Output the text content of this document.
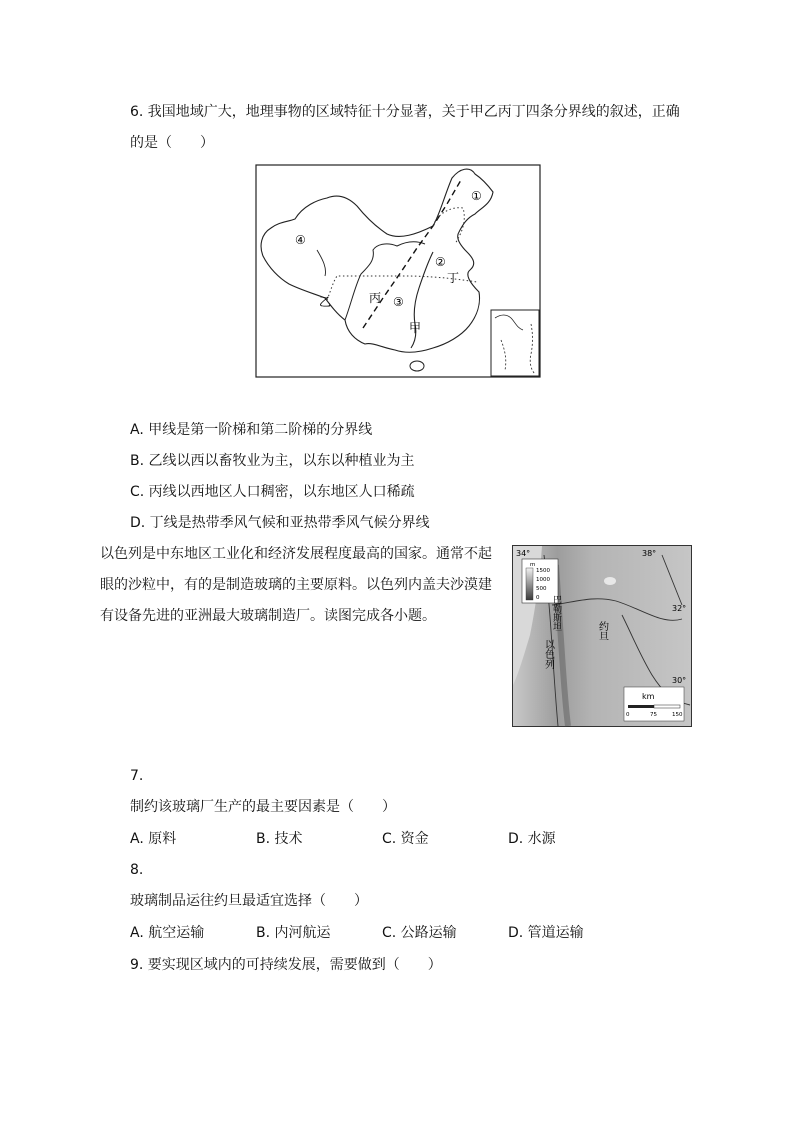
6. 我国地域广大，地理事物的区域特征十分显著，关于甲乙丙丁四条分界线的叙述，正确
的是（　　）
①
②
③
④
甲
乙	丙
丁
A. 甲线是第一阶梯和第二阶梯的分界线
B. 乙线以西以畜牧业为主，以东以种植业为主
C. 丙线以西地区人口稠密，以东地区人口稀疏
D. 丁线是热带季风气候和亚热带季风气候分界线
以色列是中东地区工业化和经济发展程度最高的国家。通常不起
眼的沙粒中，有的是制造玻璃的主要原料。以色列内盖夫沙漠建
有设备先进的亚洲最大玻璃制造厂。读图完成各小题。
34°	38°
32°
30°
m
1500
1000
500
0 巴勒斯坦	约旦
以色列
km
0	75	150
7.
制约该玻璃厂生产的最主要因素是（　　）
A. 原料	B. 技术	C. 资金	D. 水源
8.
玻璃制品运往约旦最适宜选择（　　）
A. 航空运输	B. 内河航运	C. 公路运输	D. 管道运输
9. 要实现区域内的可持续发展，需要做到（　　）
